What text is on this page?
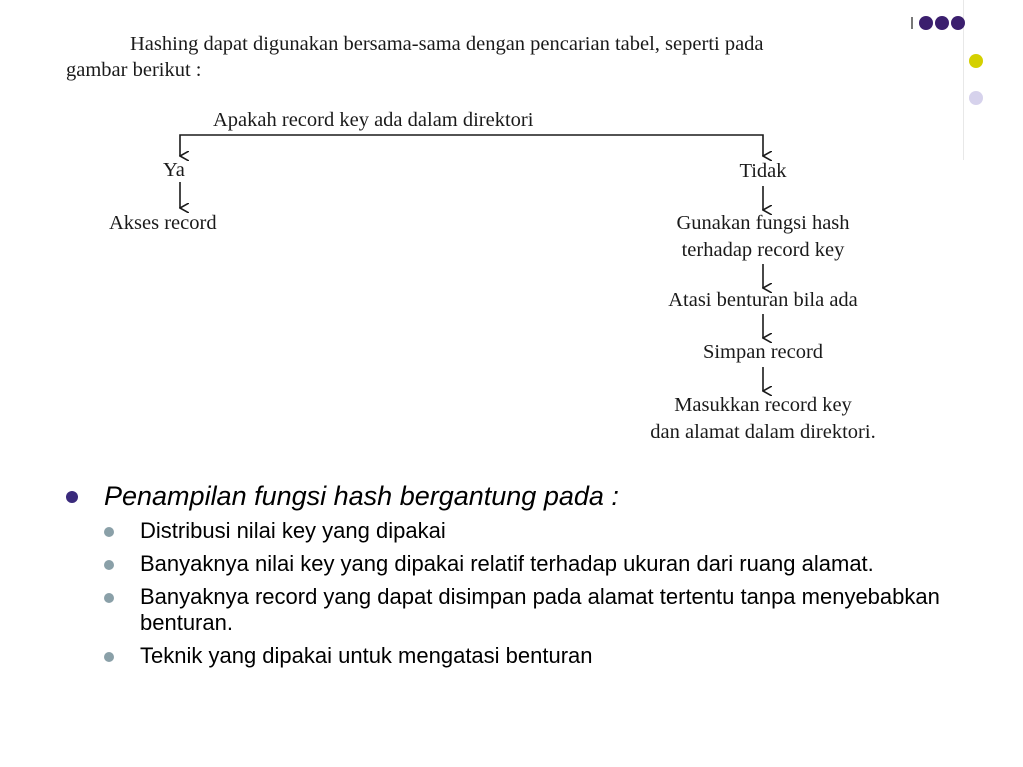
Hashing dapat digunakan bersama-sama dengan pencarian tabel, seperti pada
gambar berikut :
Apakah record key ada dalam direktori
Ya
Akses record
Tidak
Gunakan fungsi hash
terhadap record key
Atasi benturan bila ada
Simpan record
Masukkan record key
dan alamat dalam direktori.
Penampilan fungsi hash bergantung pada :
Distribusi nilai key yang dipakai
Banyaknya nilai key yang dipakai relatif terhadap ukuran dari ruang alamat.
Banyaknya record yang dapat disimpan pada alamat tertentu tanpa menyebabkan benturan.
Teknik yang dipakai untuk mengatasi benturan
